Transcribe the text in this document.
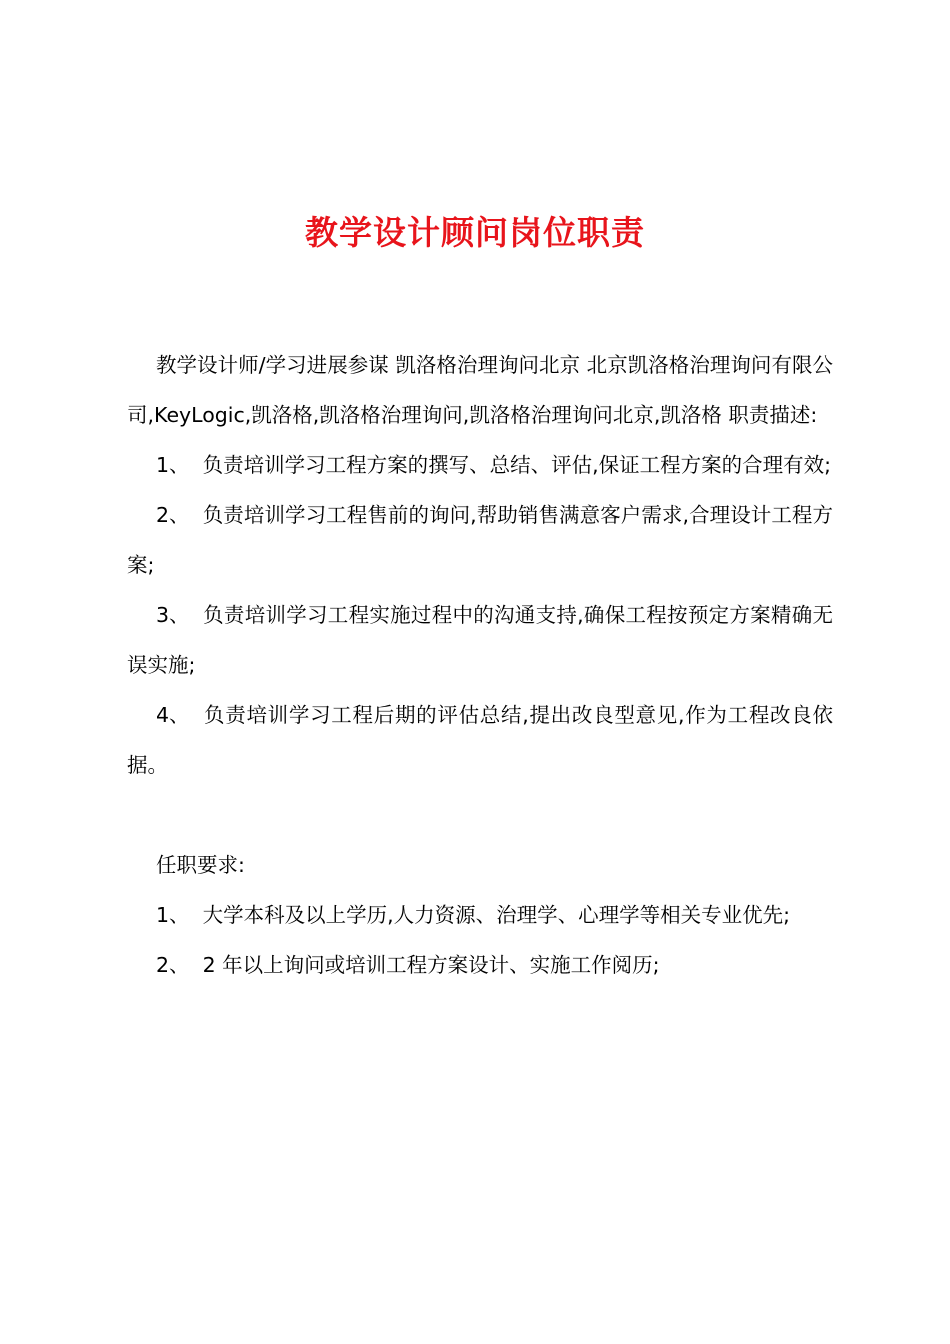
教学设计顾问岗位职责

教学设计师/学习进展参谋 凯洛格治理询问北京 北京凯洛格治理询问有限公司,KeyLogic,凯洛格,凯洛格治理询问,凯洛格治理询问北京,凯洛格 职责描述:

1、 负责培训学习工程方案的撰写、总结、评估,保证工程方案的合理有效;

2、 负责培训学习工程售前的询问,帮助销售满意客户需求,合理设计工程方案;

3、 负责培训学习工程实施过程中的沟通支持,确保工程按预定方案精确无误实施;

4、 负责培训学习工程后期的评估总结,提出改良型意见,作为工程改良依据。

任职要求:

1、 大学本科及以上学历,人力资源、治理学、心理学等相关专业优先;

2、 2 年以上询问或培训工程方案设计、实施工作阅历;
